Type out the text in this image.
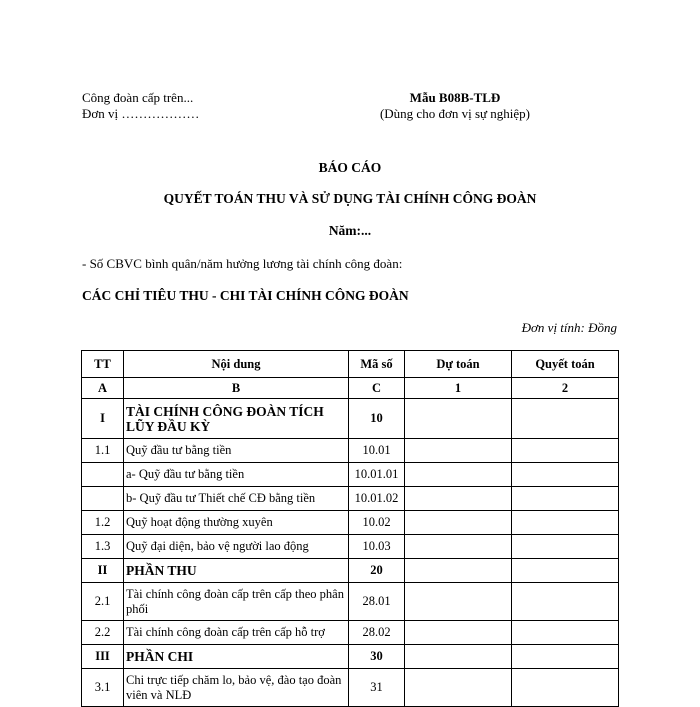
Công đoàn cấp trên...
Đơn vị ………………
Mẫu B08B-TLĐ
(Dùng cho đơn vị sự nghiệp)
BÁO CÁO
QUYẾT TOÁN THU VÀ SỬ DỤNG TÀI CHÍNH CÔNG ĐOÀN
Năm:...
- Số CBVC bình quân/năm hưởng lương tài chính công đoàn:
CÁC CHỈ TIÊU THU - CHI TÀI CHÍNH CÔNG ĐOÀN
Đơn vị tính: Đồng
TT	Nội dung	Mã số	Dự toán	Quyết toán
A	B	C	1	2
I	TÀI CHÍNH CÔNG ĐOÀN TÍCH LŨY ĐẦU KỲ	10		
1.1	Quỹ đầu tư bằng tiền	10.01		
	a- Quỹ đầu tư bằng tiền	10.01.01		
	b- Quỹ đầu tư Thiết chế CĐ bằng tiền	10.01.02		
1.2	Quỹ hoạt động thường xuyên	10.02		
1.3	Quỹ đại diện, bảo vệ người lao động	10.03		
II	PHẦN THU	20		
2.1	Tài chính công đoàn cấp trên cấp theo phân phối	28.01		
2.2	Tài chính công đoàn cấp trên cấp hỗ trợ	28.02		
III	PHẦN CHI	30		
3.1	Chi trực tiếp chăm lo, bảo vệ, đào tạo đoàn viên và NLĐ	31		
